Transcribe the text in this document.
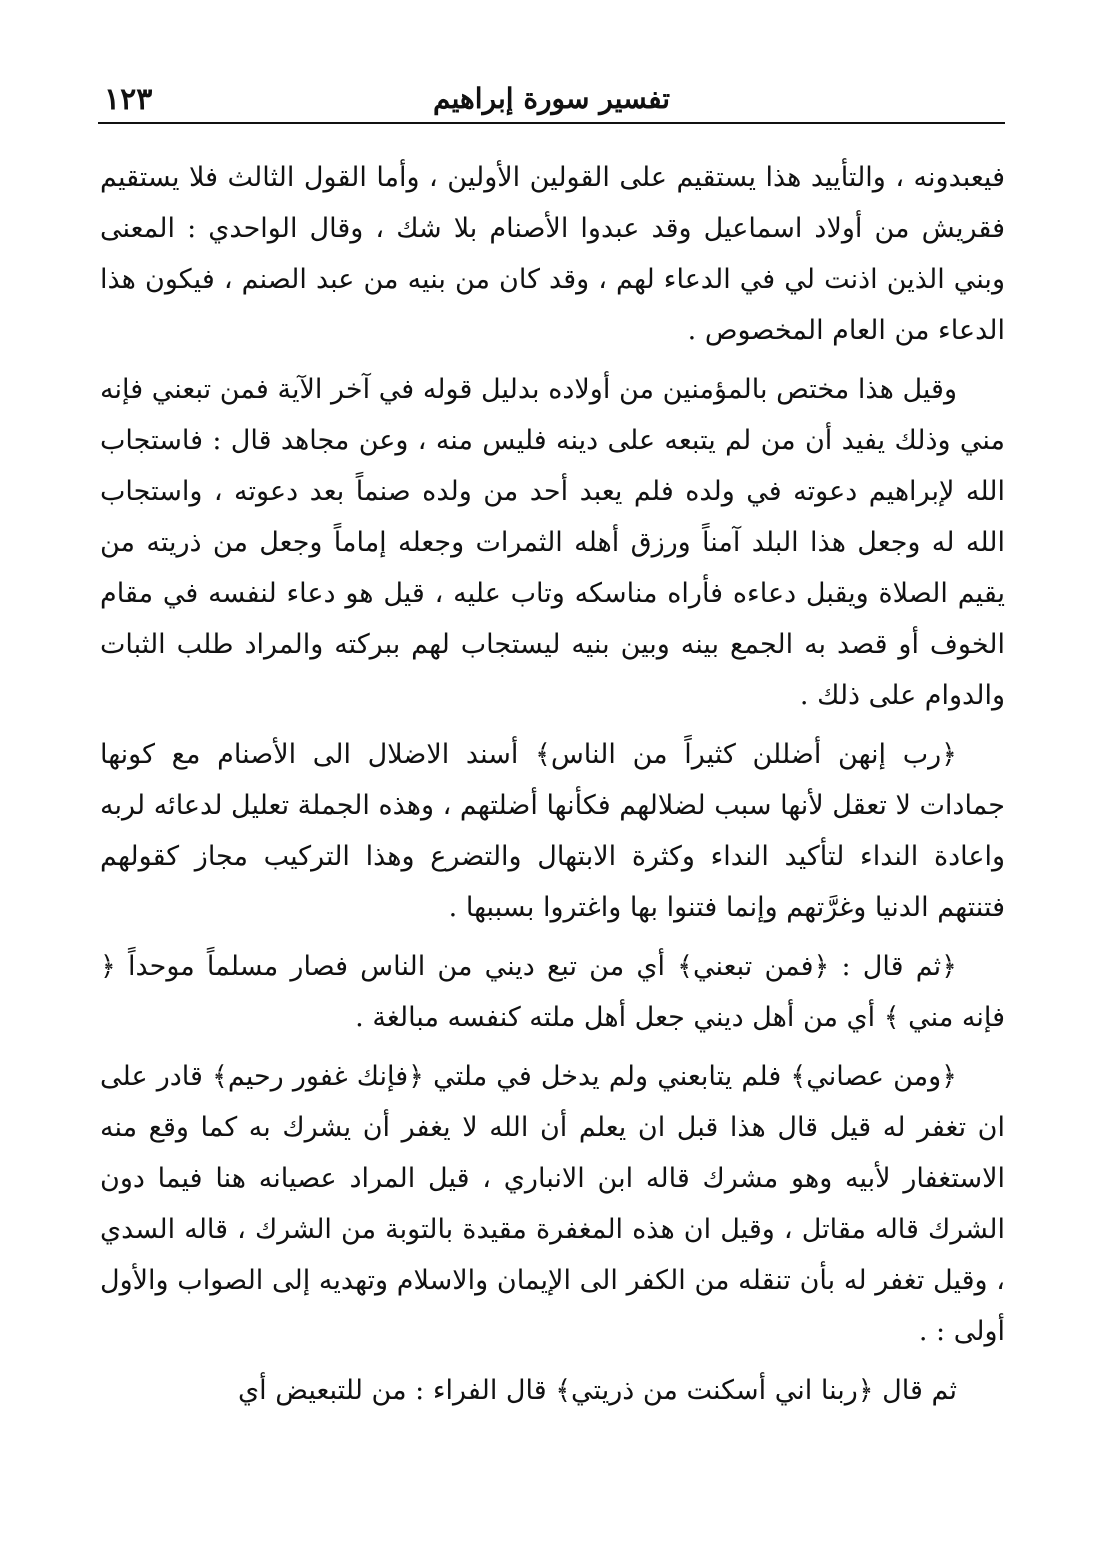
١٢٣	تفسير سورة إبراهيم

فيعبدونه ، والتأييد هذا يستقيم على القولين الأولين ، وأما القول الثالث فلا يستقيم فقريش من أولاد اسماعيل وقد عبدوا الأصنام بلا شك ، وقال الواحدي : المعنى وبني الذين اذنت لي في الدعاء لهم ، وقد كان من بنيه من عبد الصنم ، فيكون هذا الدعاء من العام المخصوص .

وقيل هذا مختص بالمؤمنين من أولاده بدليل قوله في آخر الآية فمن تبعني فإنه مني وذلك يفيد أن من لم يتبعه على دينه فليس منه ، وعن مجاهد قال : فاستجاب الله لإبراهيم دعوته في ولده فلم يعبد أحد من ولده صنماً بعد دعوته ، واستجاب الله له وجعل هذا البلد آمناً ورزق أهله الثمرات وجعله إماماً وجعل من ذريته من يقيم الصلاة ويقبل دعاءه فأراه مناسكه وتاب عليه ، قيل هو دعاء لنفسه في مقام الخوف أو قصد به الجمع بينه وبين بنيه ليستجاب لهم ببركته والمراد طلب الثبات والدوام على ذلك .

﴿رب إنهن أضللن كثيراً من الناس﴾ أسند الاضلال الى الأصنام مع كونها جمادات لا تعقل لأنها سبب لضلالهم فكأنها أضلتهم ، وهذه الجملة تعليل لدعائه لربه واعادة النداء لتأكيد النداء وكثرة الابتهال والتضرع وهذا التركيب مجاز كقولهم فتنتهم الدنيا وغرَّتهم وإنما فتنوا بها واغتروا بسببها .

﴿ثم قال : ﴿فمن تبعني﴾ أي من تبع ديني من الناس فصار مسلماً موحداً ﴿ فإنه مني ﴾ أي من أهل ديني جعل أهل ملته كنفسه مبالغة .

﴿ومن عصاني﴾ فلم يتابعني ولم يدخل في ملتي ﴿فإنك غفور رحيم﴾ قادر على ان تغفر له قيل قال هذا قبل ان يعلم أن الله لا يغفر أن يشرك به كما وقع منه الاستغفار لأبيه وهو مشرك قاله ابن الانباري ، قيل المراد عصيانه هنا فيما دون الشرك قاله مقاتل ، وقيل ان هذه المغفرة مقيدة بالتوبة من الشرك ، قاله السدي ، وقيل تغفر له بأن تنقله من الكفر الى الإيمان والاسلام وتهديه إلى الصواب والأول أولى : .

ثم قال ﴿ربنا اني أسكنت من ذريتي﴾ قال الفراء : من للتبعيض أي
